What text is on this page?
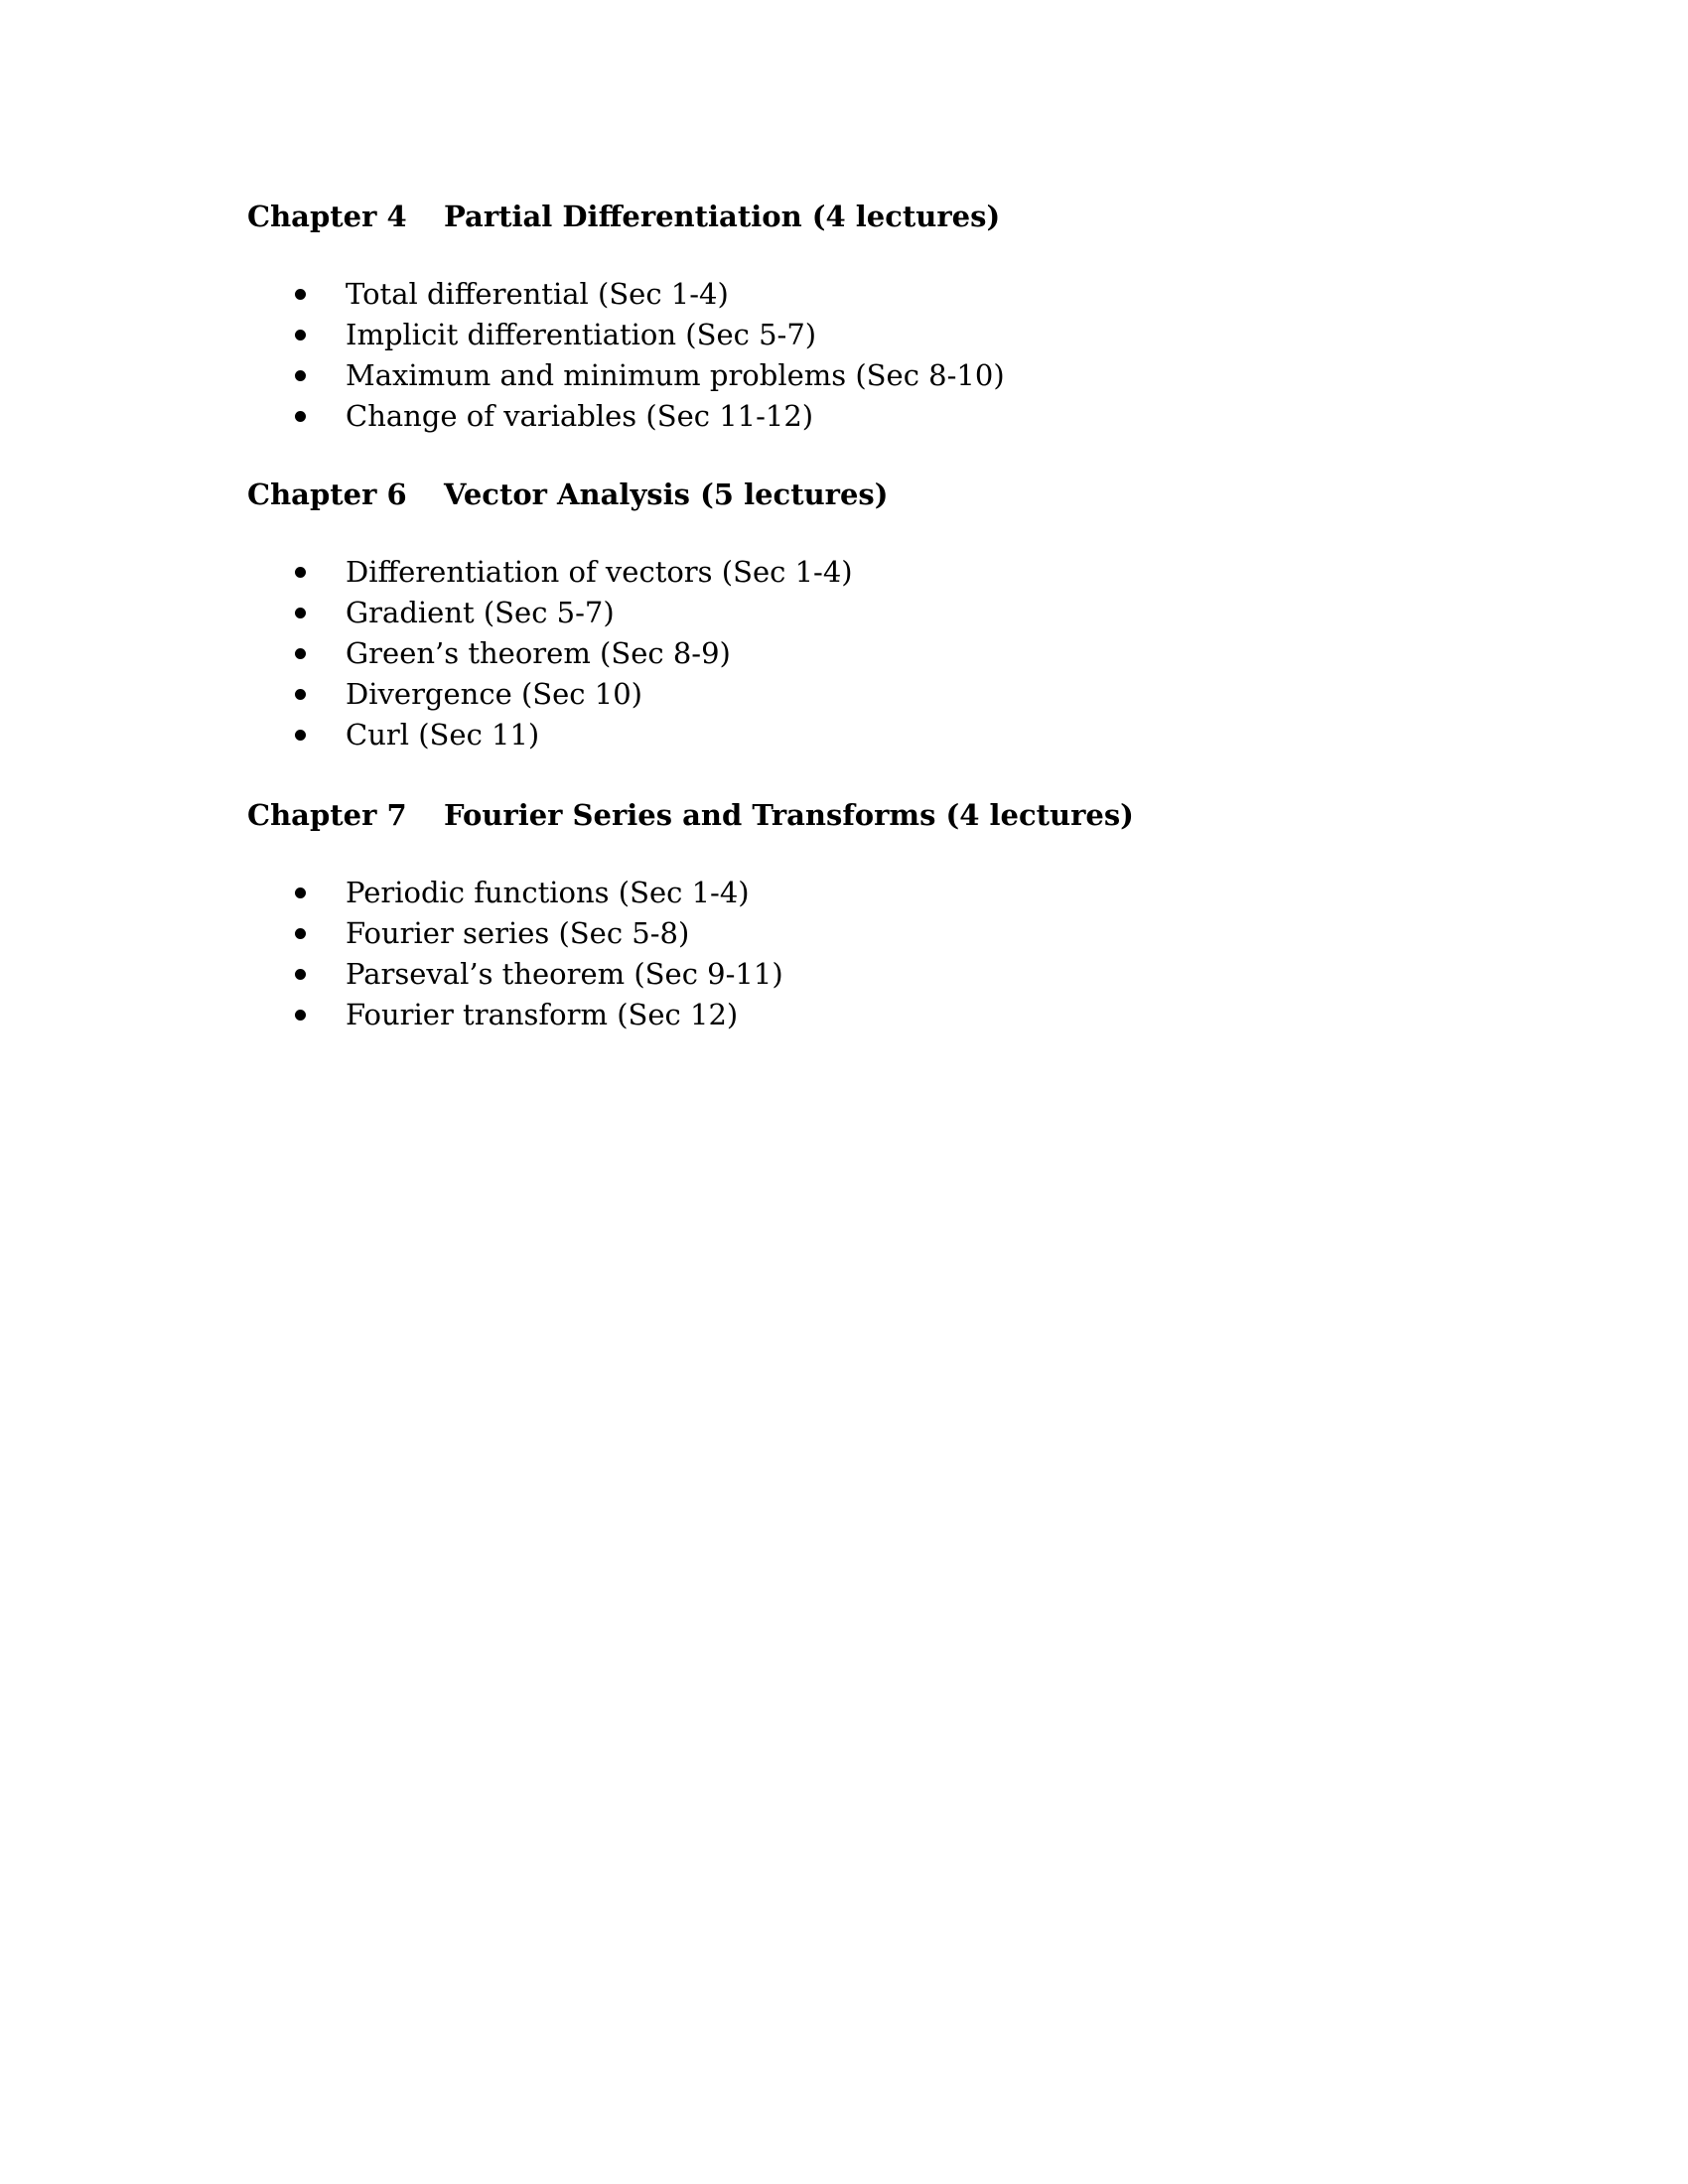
Chapter 4 Partial Differentiation (4 lectures)
Total differential (Sec 1-4)
Implicit differentiation (Sec 5-7)
Maximum and minimum problems (Sec 8-10)
Change of variables (Sec 11-12)
Chapter 6 Vector Analysis (5 lectures)
Differentiation of vectors (Sec 1-4)
Gradient (Sec 5-7)
Green’s theorem (Sec 8-9)
Divergence (Sec 10)
Curl (Sec 11)
Chapter 7 Fourier Series and Transforms (4 lectures)
Periodic functions (Sec 1-4)
Fourier series (Sec 5-8)
Parseval’s theorem (Sec 9-11)
Fourier transform (Sec 12)
